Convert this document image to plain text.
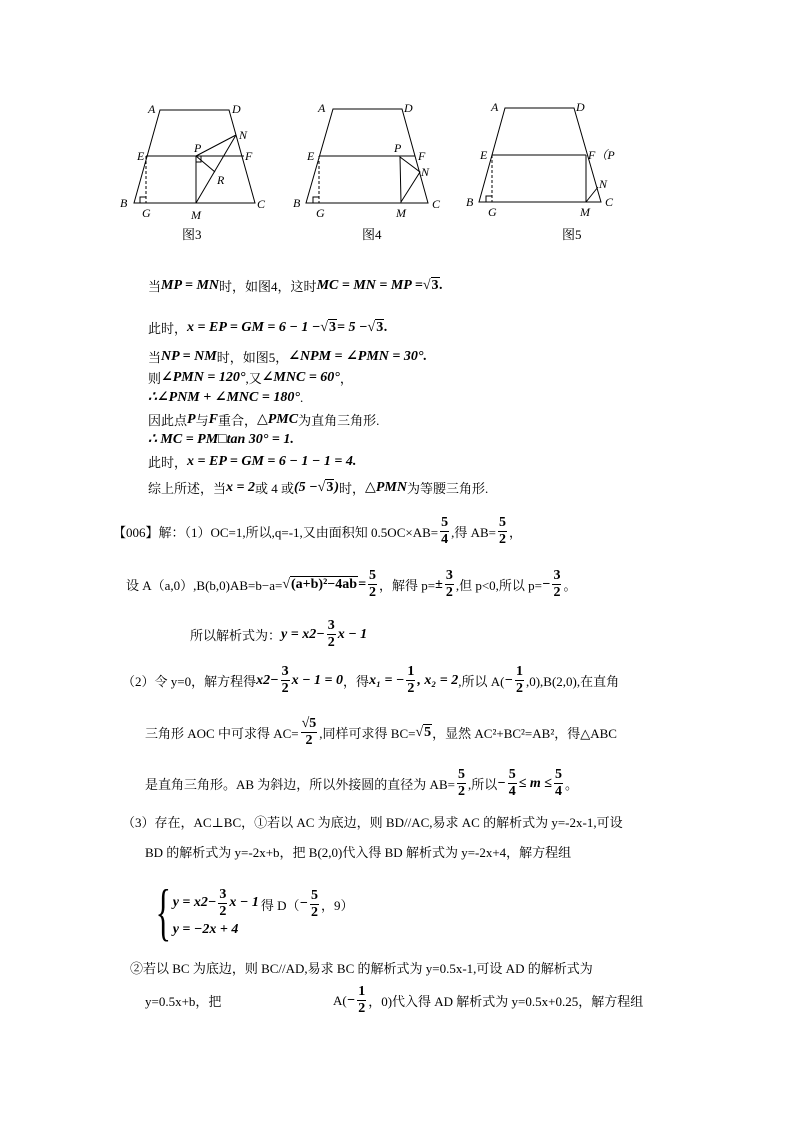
A	D
E
P
N
F
R
B
G	M
C
A	D
E
P
F
N
B
G	M
C
A	D
E	F（P
N
B
G	M
C
图3	图4	图5
当 MP = MN 时，如图4，这时 MC = MN = MP = √3 .
此时， x = EP = GM = 6 − 1 − √3 = 5 − √3 .
当 NP = NM 时，如图5， ∠NPM = ∠PMN = 30°.
则 ∠PMN = 120° ,又 ∠MNC = 60° ，
∴∠PNM + ∠MNC = 180° .
因此点 P 与 F 重合， △PMC 为直角三角形.
∴ MC = PM□tan 30° = 1.
此时， x = EP = GM = 6 − 1 − 1 = 4.
综上所述，当 x = 2 或 4 或 (5 − √3 ) 时， △PMN 为等腰三角形.
【006】解：（1）OC=1,所以,q=-1,又由面积知 $0.5OC\times AB= \frac{5}{4}$ ,得 $AB= \frac{5}{2}$ ，
设 $A(a,0),B(b,0)AB=b-a= √(a+b)^2-4ab = \frac{5}{2}$ ，解得 $p= \pm \frac{3}{2}$ ,但 p<0,所以 $p= - \frac{3}{2}$ 。
所以解析式为： y = x $2 - \frac{3}{2}$ x − 1
（2）令 y=0，解方程得 x $2 - \frac{3}{2}$ x − 1 = 0 ，得 x₁ = − $\frac{1}{2}$ , x₂ = 2 ,所以 $A( - \frac{1}{2} ,0),B(2,0)$,在直角
三角形 AOC 中可求得 $AC= \frac{√5}{2}$ ,同样可求得 BC= √5 ，显然 AC²+BC²=AB²，得△ABC
是直角三角形。AB 为斜边，所以外接圆的直径为 $AB= \frac{5}{2}$ ,所以 − $\frac{5}{4} \le m \le \frac{5}{4}$ 。
（3）存在，AC⊥BC，①若以 AC 为底边，则 BD//AC,易求 AC 的解析式为 y=-2x-1,可设
BD 的解析式为 y=-2x+b，把 B(2,0)代入得 BD 解析式为 y=-2x+4，解方程组
{ y = x $2 - \frac{3}{2}$ x − 1
y = −2x + 4
得 $D( - \frac{5}{2}$ ，9）
②若以 BC 为底边，则 BC//AD,易求 BC 的解析式为 y=0.5x-1,可设 AD 的解析式为
y=0.5x+b，把	$A( - \frac{1}{2}$ ，0)代入得 AD 解析式为 y=0.5x+0.25，解方程组
